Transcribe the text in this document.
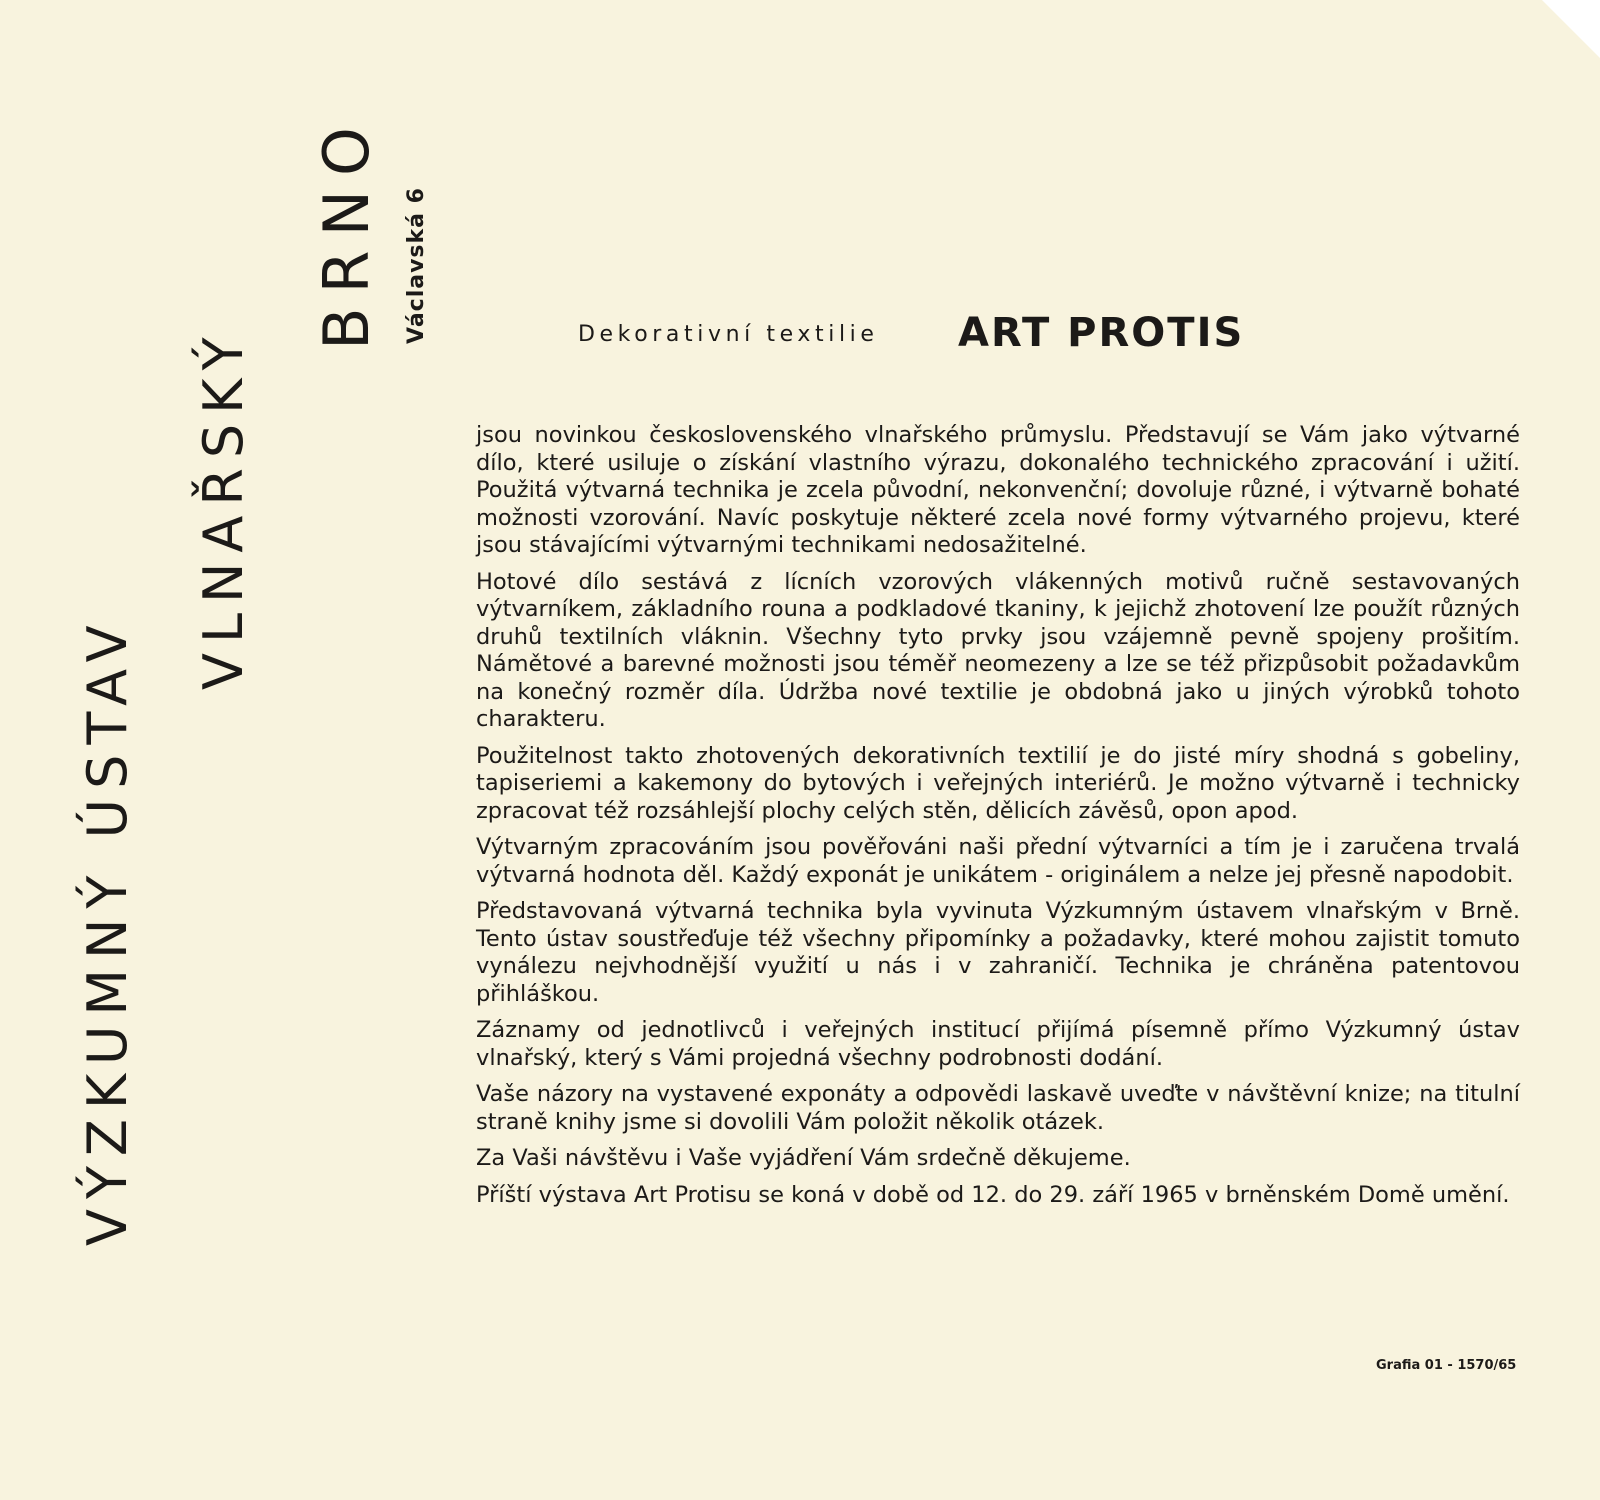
VÝZKUMNÝ ÚSTAV
VLNAŘSKÝ
BRNO Václavská 6	Dekorativní textilie ART PROTIS

jsou novinkou československého vlnařského průmyslu. Představují se Vám jako výtvarné dílo, které usiluje o získání vlastního výrazu, dokonalého technického zpracování i užití. Použitá výtvarná technika je zcela původní, nekonvenční; dovoluje různé, i výtvarně bohaté možnosti vzorování. Navíc poskytuje některé zcela nové formy výtvarného projevu, které jsou stávajícími výtvarnými technikami nedosažitelné.

Hotové dílo sestává z lícních vzorových vlákenných motivů ručně sestavovaných výtvarníkem, základního rouna a podkladové tkaniny, k jejichž zhotovení lze použít různých druhů textilních vláknin. Všechny tyto prvky jsou vzájemně pevně spojeny prošitím. Námětové a barevné možnosti jsou téměř neomezeny a lze se též přizpůsobit požadavkům na konečný rozměr díla. Údržba nové textilie je obdobná jako u jiných výrobků tohoto charakteru.

Použitelnost takto zhotovených dekorativních textilií je do jisté míry shodná s gobeliny, tapiseriemi a kakemony do bytových i veřejných interiérů. Je možno výtvarně i technicky zpracovat též rozsáhlejší plochy celých stěn, dělicích závěsů, opon apod.

Výtvarným zpracováním jsou pověřováni naši přední výtvarníci a tím je i zaručena trvalá výtvarná hodnota děl. Každý exponát je unikátem - originálem a nelze jej přesně napodobit.

Představovaná výtvarná technika byla vyvinuta Výzkumným ústavem vlnařským v Brně. Tento ústav soustřeďuje též všechny připomínky a požadavky, které mohou zajistit tomuto vynálezu nejvhodnější využití u nás i v zahraničí. Technika je chráněna patentovou přihláškou.

Záznamy od jednotlivců i veřejných institucí přijímá písemně přímo Výzkumný ústav vlnařský, který s Vámi projedná všechny podrobnosti dodání.

Vaše názory na vystavené exponáty a odpovědi laskavě uveďte v návštěvní knize; na titulní straně knihy jsme si dovolili Vám položit několik otázek.

Za Vaši návštěvu i Vaše vyjádření Vám srdečně děkujeme.

Příští výstava Art Protisu se koná v době od 12. do 29. září 1965 v brněnském Domě umění.

Grafia 01 - 1570/65
